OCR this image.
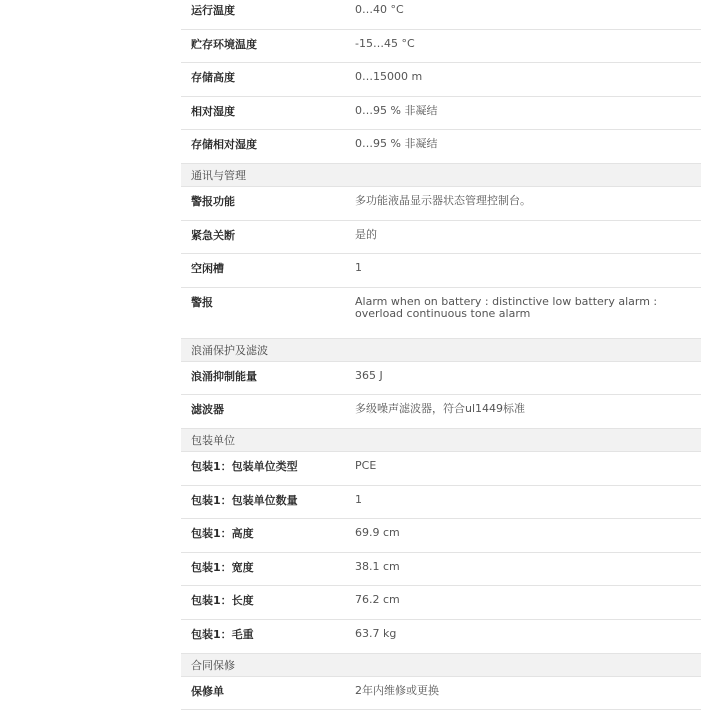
运行温度	0…40 °C
贮存环境温度	-15…45 °C
存储高度	0…15000 m
相对湿度	0…95 % 非凝结
存储相对湿度	0…95 % 非凝结
通讯与管理
警报功能	多功能液晶显示器状态管理控制台。
紧急关断	是的
空闲槽	1
警报	Alarm when on battery : distinctive low battery alarm : overload continuous tone alarm
浪涌保护及滤波
浪涌抑制能量	365 J
滤波器	多级噪声滤波器，符合ul1449标准
包装单位
包装1：包装单位类型	PCE
包装1：包装单位数量	1
包装1：高度	69.9 cm
包装1：宽度	38.1 cm
包装1：长度	76.2 cm
包装1：毛重	63.7 kg
合同保修
保修单	2年内维修或更换
